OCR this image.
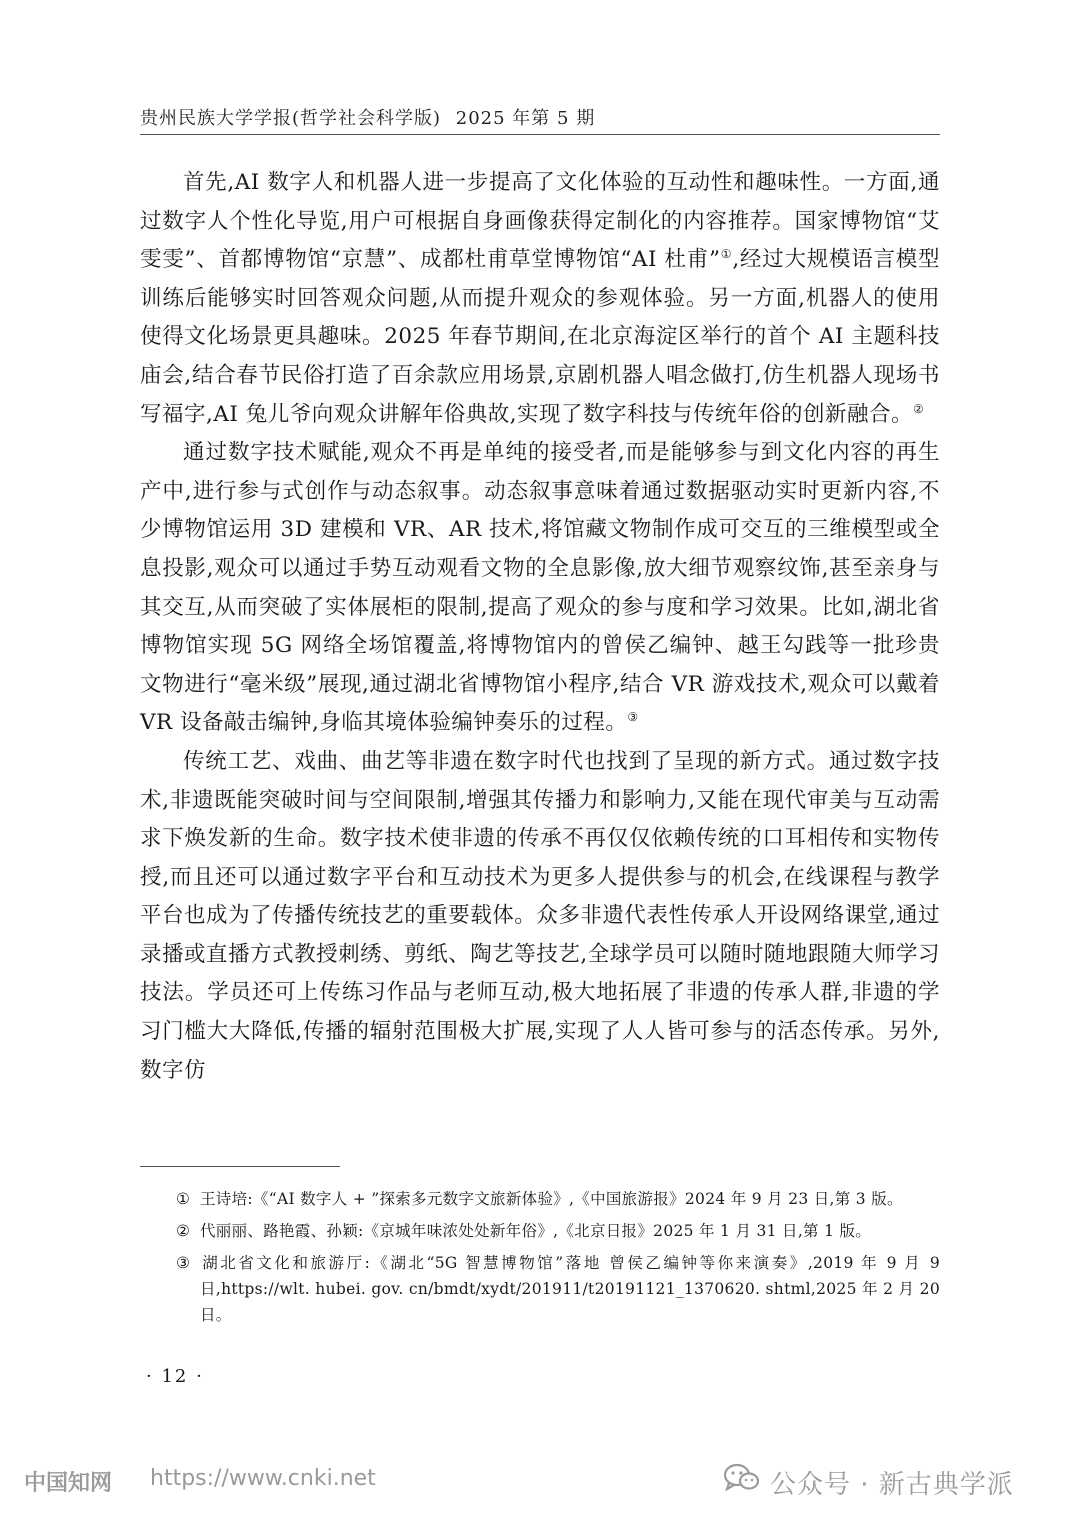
贵州民族大学学报(哲学社会科学版) 2025 年第 5 期

首先,AI 数字人和机器人进一步提高了文化体验的互动性和趣味性。一方面,通过数字人个性化导览,用户可根据自身画像获得定制化的内容推荐。国家博物馆“艾雯雯”、首都博物馆“京慧”、成都杜甫草堂博物馆“AI 杜甫”①,经过大规模语言模型训练后能够实时回答观众问题,从而提升观众的参观体验。另一方面,机器人的使用使得文化场景更具趣味。2025 年春节期间,在北京海淀区举行的首个 AI 主题科技庙会,结合春节民俗打造了百余款应用场景,京剧机器人唱念做打,仿生机器人现场书写福字,AI 兔儿爷向观众讲解年俗典故,实现了数字科技与传统年俗的创新融合。②

通过数字技术赋能,观众不再是单纯的接受者,而是能够参与到文化内容的再生产中,进行参与式创作与动态叙事。动态叙事意味着通过数据驱动实时更新内容,不少博物馆运用 3D 建模和 VR、AR 技术,将馆藏文物制作成可交互的三维模型或全息投影,观众可以通过手势互动观看文物的全息影像,放大细节观察纹饰,甚至亲身与其交互,从而突破了实体展柜的限制,提高了观众的参与度和学习效果。比如,湖北省博物馆实现 5G 网络全场馆覆盖,将博物馆内的曾侯乙编钟、越王勾践等一批珍贵文物进行“毫米级”展现,通过湖北省博物馆小程序,结合 VR 游戏技术,观众可以戴着 VR 设备敲击编钟,身临其境体验编钟奏乐的过程。③

传统工艺、戏曲、曲艺等非遗在数字时代也找到了呈现的新方式。通过数字技术,非遗既能突破时间与空间限制,增强其传播力和影响力,又能在现代审美与互动需求下焕发新的生命。数字技术使非遗的传承不再仅仅依赖传统的口耳相传和实物传授,而且还可以通过数字平台和互动技术为更多人提供参与的机会,在线课程与教学平台也成为了传播传统技艺的重要载体。众多非遗代表性传承人开设网络课堂,通过录播或直播方式教授刺绣、剪纸、陶艺等技艺,全球学员可以随时随地跟随大师学习技法。学员还可上传练习作品与老师互动,极大地拓展了非遗的传承人群,非遗的学习门槛大大降低,传播的辐射范围极大扩展,实现了人人皆可参与的活态传承。另外,数字仿

① 王诗培:《“AI 数字人 + ”探索多元数字文旅新体验》,《中国旅游报》2024 年 9 月 23 日,第 3 版。

② 代丽丽、路艳霞、孙颖:《京城年味浓处处新年俗》,《北京日报》2025 年 1 月 31 日,第 1 版。

③ 湖北省文化和旅游厅:《湖北“5G 智慧博物馆”落地 曾侯乙编钟等你来演奏》,2019 年 9 月 9 日,https://wlt. hubei. gov. cn/bmdt/xydt/201911/t20191121_1370620. shtml,2025 年 2 月 20 日。

· 12 ·
中国知网 https://www.cnki.net	公众号 · 新古典学派
